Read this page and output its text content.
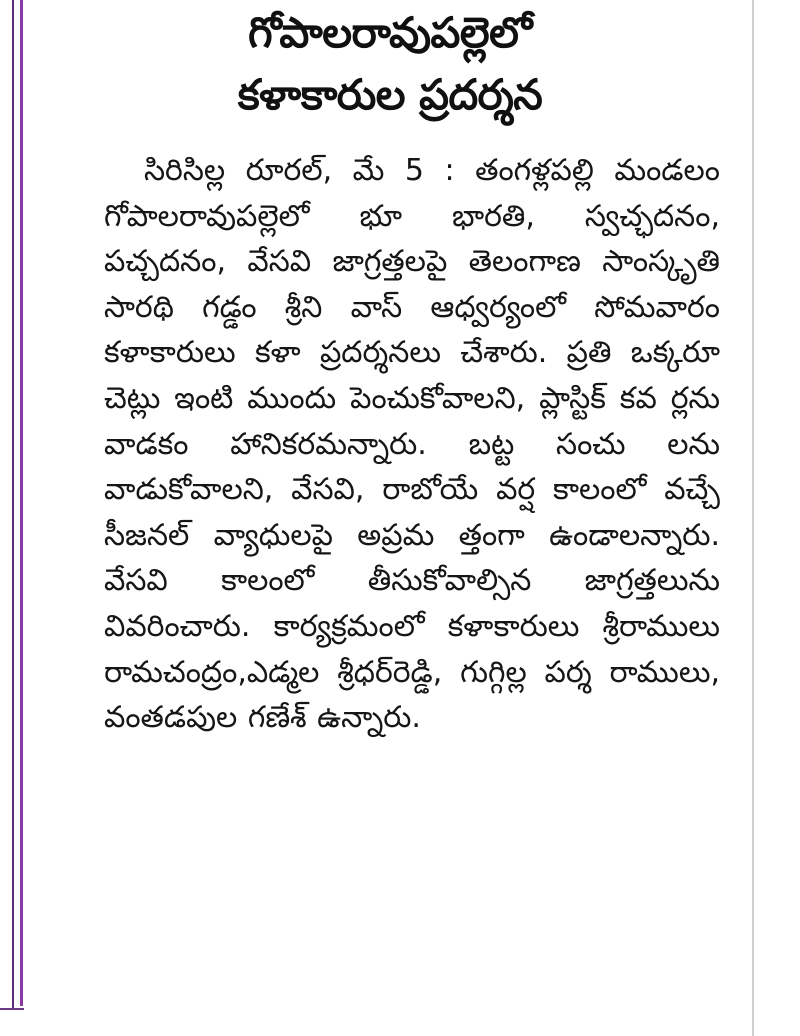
గోపాలరావుపల్లెలో
కళాకారుల ప్రదర్శన

సిరిసిల్ల రూరల్, మే 5 : తంగళ్లపల్లి మండలం గోపాలరావుపల్లెలో భూ భారతి, స్వచ్ఛదనం, పచ్చదనం, వేసవి జాగ్రత్తలపై తెలంగాణ సాంస్కృతి సారథి గడ్డం శ్రీని వాస్ ఆధ్వర్యంలో సోమవారం కళాకారులు కళా ప్రదర్శనలు చేశారు. ప్రతి ఒక్కరూ చెట్లు ఇంటి ముందు పెంచుకోవాలని, ప్లాస్టిక్ కవ ర్లను వాడకం హానికరమన్నారు. బట్ట సంచు లను వాడుకోవాలని, వేసవి, రాబోయే వర్ష కాలంలో వచ్చే సీజనల్ వ్యాధులపై అప్రమ త్తంగా ఉండాలన్నారు. వేసవి కాలంలో తీసుకోవాల్సిన జాగ్రత్తలును వివరించారు. కార్యక్రమంలో కళాకారులు శ్రీరాములు రామచంద్రం,ఎడ్మల శ్రీధర్‌రెడ్డి, గుగ్గిల్ల పర్శ రాములు, వంతడపుల గణేశ్ ఉన్నారు.
